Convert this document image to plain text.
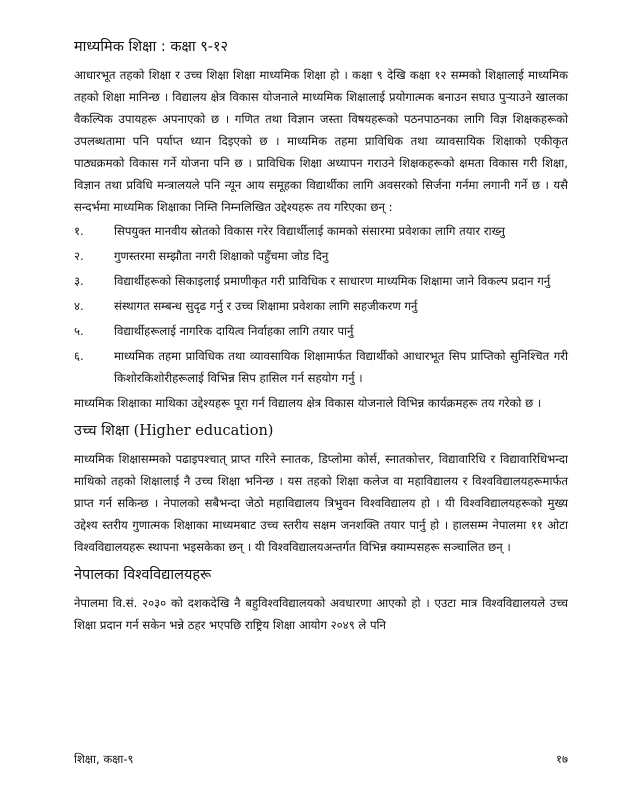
माध्यमिक शिक्षा : कक्षा ९-१२

आधारभूत तहको शिक्षा र उच्च शिक्षा शिक्षा माध्यमिक शिक्षा हो । कक्षा ९ देखि कक्षा १२ सम्मको शिक्षालाई माध्यमिक तहको शिक्षा मानिन्छ । विद्यालय क्षेत्र विकास योजनाले माध्यमिक शिक्षालाई प्रयोगात्मक बनाउन सघाउ पुऱ्याउने खालका वैकल्पिक उपायहरू अपनाएको छ । गणित तथा विज्ञान जस्ता विषयहरूको पठनपाठनका लागि विज्ञ शिक्षकहरूको उपलब्धतामा पनि पर्याप्त ध्यान दिइएको छ । माध्यमिक तहमा प्राविधिक तथा व्यावसायिक शिक्षाको एकीकृत पाठ्यक्रमको विकास गर्ने योजना पनि छ । प्राविधिक शिक्षा अध्यापन गराउने शिक्षकहरूको क्षमता विकास गरी शिक्षा, विज्ञान तथा प्रविधि मन्त्रालयले पनि न्यून आय समूहका विद्यार्थीका लागि अवसरको सिर्जना गर्नमा लगानी गर्ने छ । यसै सन्दर्भमा माध्यमिक शिक्षाका निम्ति निम्नलिखित उद्देश्यहरू तय गरिएका छन् :

१.	सिपयुक्त मानवीय स्रोतको विकास गरेर विद्यार्थीलाई कामको संसारमा प्रवेशका लागि तयार राख्नु
२.	गुणस्तरमा सम्झौता नगरी शिक्षाको पहुँचमा जोड दिनु
३.	विद्यार्थीहरूको सिकाइलाई प्रमाणीकृत गरी प्राविधिक र साधारण माध्यमिक शिक्षामा जाने विकल्प प्रदान गर्नु
४.	संस्थागत सम्बन्ध सुदृढ गर्नु र उच्च शिक्षामा प्रवेशका लागि सहजीकरण गर्नु
५.	विद्यार्थीहरूलाई नागरिक दायित्व निर्वाहका लागि तयार पार्नु
६.	माध्यमिक तहमा प्राविधिक तथा व्यावसायिक शिक्षामार्फत विद्यार्थीको आधारभूत सिप प्राप्तिको सुनिश्चित गरी किशोरकिशोरीहरूलाई विभिन्न सिप हासिल गर्न सहयोग गर्नु ।

माध्यमिक शिक्षाका माथिका उद्देश्यहरू पूरा गर्न विद्यालय क्षेत्र विकास योजनाले विभिन्न कार्यक्रमहरू तय गरेको छ ।

उच्च शिक्षा (Higher education)

माध्यमिक शिक्षासम्मको पढाइपश्चात् प्राप्त गरिने स्नातक, डिप्लोमा कोर्स, स्नातकोत्तर, विद्यावारिधि र विद्यावारिधिभन्दा माथिको तहको शिक्षालाई नै उच्च शिक्षा भनिन्छ । यस तहको शिक्षा कलेज वा महाविद्यालय र विश्वविद्यालयहरूमार्फत प्राप्त गर्न सकिन्छ । नेपालको सबैभन्दा जेठो महाविद्यालय त्रिभुवन विश्वविद्यालय हो । यी विश्वविद्यालयहरूको मुख्य उद्देश्य स्तरीय गुणात्मक शिक्षाका माध्यमबाट उच्च स्तरीय सक्षम जनशक्ति तयार पार्नु हो । हालसम्म नेपालमा ११ ओटा विश्वविद्यालयहरू स्थापना भइसकेका छन् । यी विश्वविद्यालयअन्तर्गत विभिन्न क्याम्पसहरू सञ्चालित छन् ।

नेपालका विश्वविद्यालयहरू

नेपालमा वि.सं. २०३० को दशकदेखि नै बहुविश्वविद्यालयको अवधारणा आएको हो । एउटा मात्र विश्वविद्यालयले उच्च शिक्षा प्रदान गर्न सकेन भन्ने ठहर भएपछि राष्ट्रिय शिक्षा आयोग २०४९ ले पनि

शिक्षा, कक्षा-९	१७
